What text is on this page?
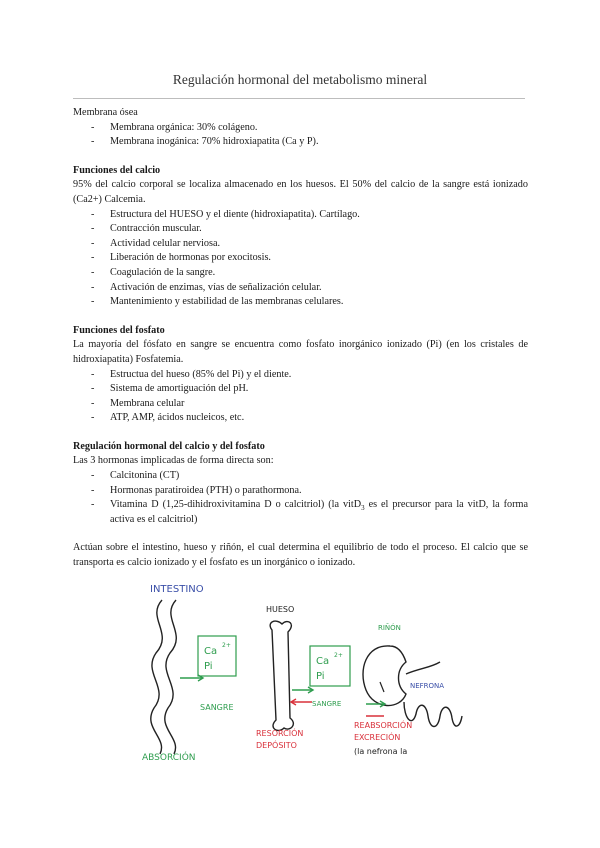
Regulación hormonal del metabolismo mineral

Membrana ósea

- Membrana orgánica: 30% colágeno.
- Membrana inogánica: 70% hidroxiapatita (Ca y P).

Funciones del calcio

95% del calcio corporal se localiza almacenado en los huesos. El 50% del calcio de la sangre está ionizado (Ca2+) Calcemia.

- Estructura del HUESO y el diente (hidroxiapatita). Cartílago.
- Contracción muscular.
- Actividad celular nerviosa.
- Liberación de hormonas por exocitosis.
- Coagulación de la sangre.
- Activación de enzimas, vías de señalización celular.
- Mantenimiento y estabilidad de las membranas celulares.

Funciones del fosfato

La mayoría del fósfato en sangre se encuentra como fosfato inorgánico ionizado (Pi) (en los cristales de hidroxiapatita) Fosfatemia.

- Estructua del hueso (85% del Pi) y el diente.
- Sistema de amortiguación del pH.
- Membrana celular
- ATP, AMP, ácidos nucleicos, etc.

Regulación hormonal del calcio y del fosfato

Las 3 hormonas implicadas de forma directa son:

- Calcitonina (CT)
- Hormonas paratiroidea (PTH) o parathormona.
- Vitamina D (1,25-dihidroxivitamina D o calcitriol) (la vitD$_3$ es el precursor para la vitD, la forma activa es el calcitriol)

Actúan sobre el intestino, hueso y riñón, el cual determina el equilibrio de todo el proceso. El calcio que se transporta es calcio ionizado y el fosfato es un inorgánico o ionizado.

INTESTINO
Ca
2+
Pi
SANGRE
ABSORCIÓN
HUESO
Ca
2+
Pi
SANGRE
RESORCIÓN
DEPÓSITO
RIÑÓN
NEFRONA
REABSORCIÓN
EXCRECIÓN
(la nefrona la
